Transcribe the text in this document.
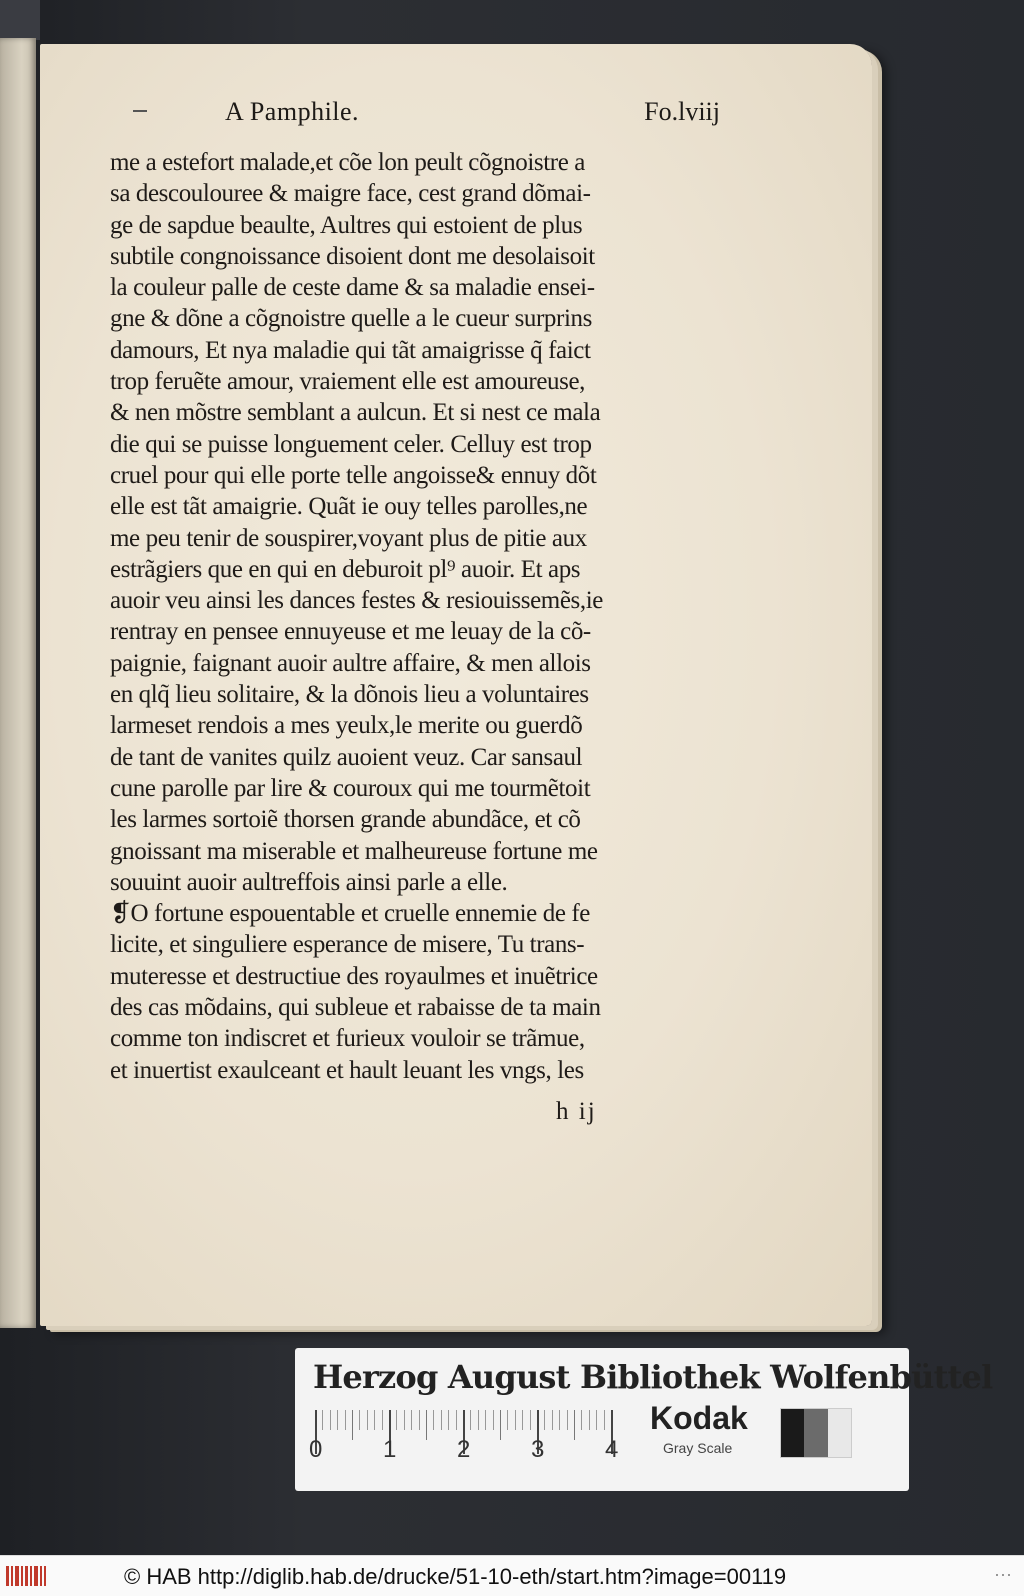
A Pamphile.	Fo.lviij
me a estefort malade,et cõe lon peult cõgnoistre a
sa descoulouree & maigre face, cest grand dõmai-
ge de sapdue beaulte, Aultres qui estoient de plus
subtile congnoissance disoient dont me desolaisoit
la couleur palle de ceste dame & sa maladie ensei-
gne & dõne a cõgnoistre quelle a le cueur surprins
damours, Et nya maladie qui tãt amaigrisse q̃ faict
trop feruẽte amour, vraiement elle est amoureuse,
& nen mõstre semblant a aulcun. Et si nest ce mala
die qui se puisse longuement celer. Celluy est trop
cruel pour qui elle porte telle angoisse& ennuy dõt
elle est tãt amaigrie. Quãt ie ouy telles parolles,ne
me peu tenir de souspirer,voyant plus de pitie aux
estrãgiers que en qui en deburoit pl⁹ auoir. Et aps
auoir veu ainsi les dances festes & resiouissemẽs,ie
rentray en pensee ennuyeuse et me leuay de la cõ-
paignie, faignant auoir aultre affaire, & men allois
en qlq̃ lieu solitaire, & la dõnois lieu a voluntaires
larmeset rendois a mes yeulx,le merite ou guerdõ
de tant de vanites quilz auoient veuz. Car sansaul
cune parolle par lire & couroux qui me tourmẽtoit
les larmes sortoiẽ thorsen grande abundãce, et cõ
gnoissant ma miserable et malheureuse fortune me
souuint auoir aultreffois ainsi parle a elle.
❡O fortune espouentable et cruelle ennemie de fe
licite, et singuliere esperance de misere, Tu trans-
muteresse et destructiue des royaulmes et inuẽtrice
des cas mõdains, qui subleue et rabaisse de ta main
comme ton indiscret et furieux vouloir se trãmue,
et inuertist exaulceant et hault leuant les vngs, les
h ij
Herzog August Bibliothek Wolfenbüttel
Kodak
Gray Scale
0	1	2	3	4
© HAB http://diglib.hab.de/drucke/51-10-eth/start.htm?image=00119	···
